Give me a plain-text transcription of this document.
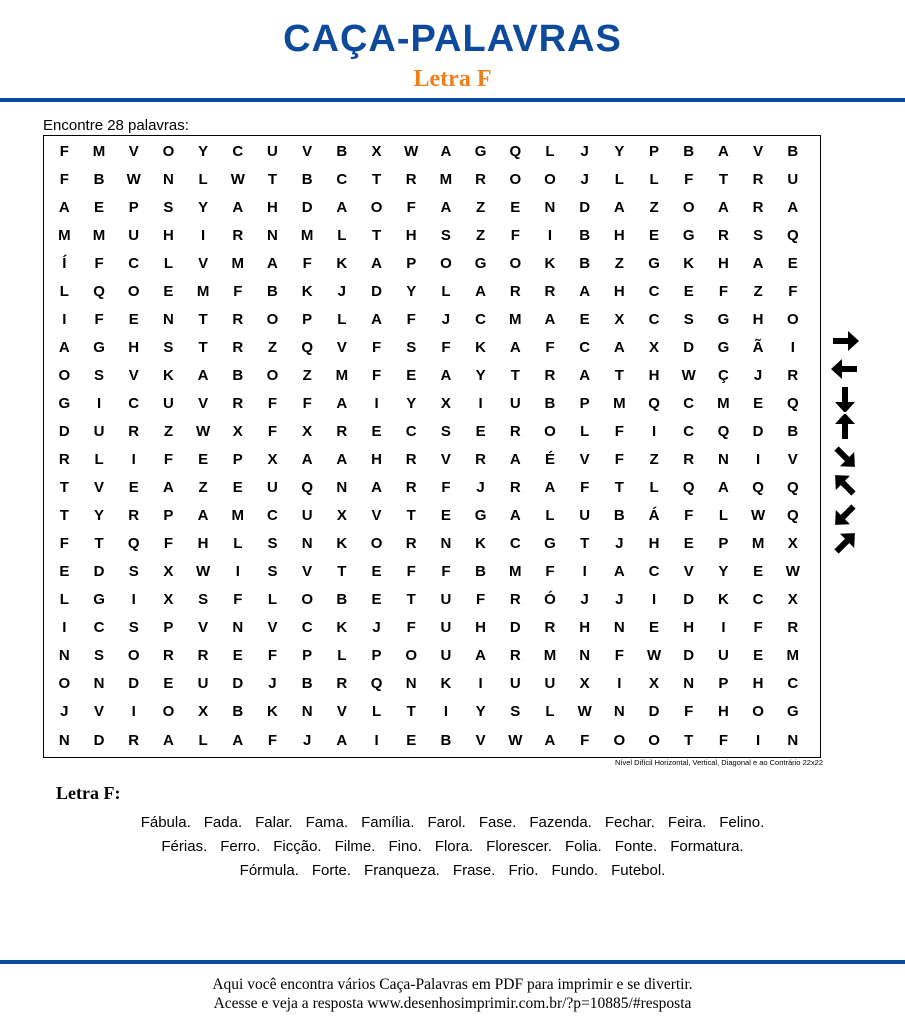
CAÇA-PALAVRAS
Letra F
Encontre 28 palavras:
F	M	V	O	Y	C	U	V	B	X	W	A	G	Q	L	J	Y	P	B	A	V	B
F	B	W	N	L	W	T	B	C	T	R	M	R	O	O	J	L	L	F	T	R	U
A	E	P	S	Y	A	H	D	A	O	F	A	Z	E	N	D	A	Z	O	A	R	A
M	M	U	H	I	R	N	M	L	T	H	S	Z	F	I	B	H	E	G	R	S	Q
Í	F	C	L	V	M	A	F	K	A	P	O	G	O	K	B	Z	G	K	H	A	E
L	Q	O	E	M	F	B	K	J	D	Y	L	A	R	R	A	H	C	E	F	Z	F
I	F	E	N	T	R	O	P	L	A	F	J	C	M	A	E	X	C	S	G	H	O
A	G	H	S	T	R	Z	Q	V	F	S	F	K	A	F	C	A	X	D	G	Ã	I
O	S	V	K	A	B	O	Z	M	F	E	A	Y	T	R	A	T	H	W	Ç	J	R
G	I	C	U	V	R	F	F	A	I	Y	X	I	U	B	P	M	Q	C	M	E	Q
D	U	R	Z	W	X	F	X	R	E	C	S	E	R	O	L	F	I	C	Q	D	B
R	L	I	F	E	P	X	A	A	H	R	V	R	A	É	V	F	Z	R	N	I	V
T	V	E	A	Z	E	U	Q	N	A	R	F	J	R	A	F	T	L	Q	A	Q	Q
T	Y	R	P	A	M	C	U	X	V	T	E	G	A	L	U	B	Á	F	L	W	Q
F	T	Q	F	H	L	S	N	K	O	R	N	K	C	G	T	J	H	E	P	M	X
E	D	S	X	W	I	S	V	T	E	F	F	B	M	F	I	A	C	V	Y	E	W
L	G	I	X	S	F	L	O	B	E	T	U	F	R	Ó	J	J	I	D	K	C	X
I	C	S	P	V	N	V	C	K	J	F	U	H	D	R	H	N	E	H	I	F	R
N	S	O	R	R	E	F	P	L	P	O	U	A	R	M	N	F	W	D	U	E	M
O	N	D	E	U	D	J	B	R	Q	N	K	I	U	U	X	I	X	N	P	H	C
J	V	I	O	X	B	K	N	V	L	T	I	Y	S	L	W	N	D	F	H	O	G
N	D	R	A	L	A	F	J	A	I	E	B	V	W	A	F	O	O	T	F	I	N
Nível Difícil Horizontal, Vertical, Diagonal e ao Contrário 22x22
Letra F:
Fábula. Fada. Falar. Fama. Família. Farol. Fase. Fazenda. Fechar. Feira. Felino.
Férias. Ferro. Ficção. Filme. Fino. Flora. Florescer. Folia. Fonte. Formatura.
Fórmula. Forte. Franqueza. Frase. Frio. Fundo. Futebol.
Aqui você encontra vários Caça-Palavras em PDF para imprimir e se divertir.
Acesse e veja a resposta www.desenhosimprimir.com.br/?p=10885/#resposta
